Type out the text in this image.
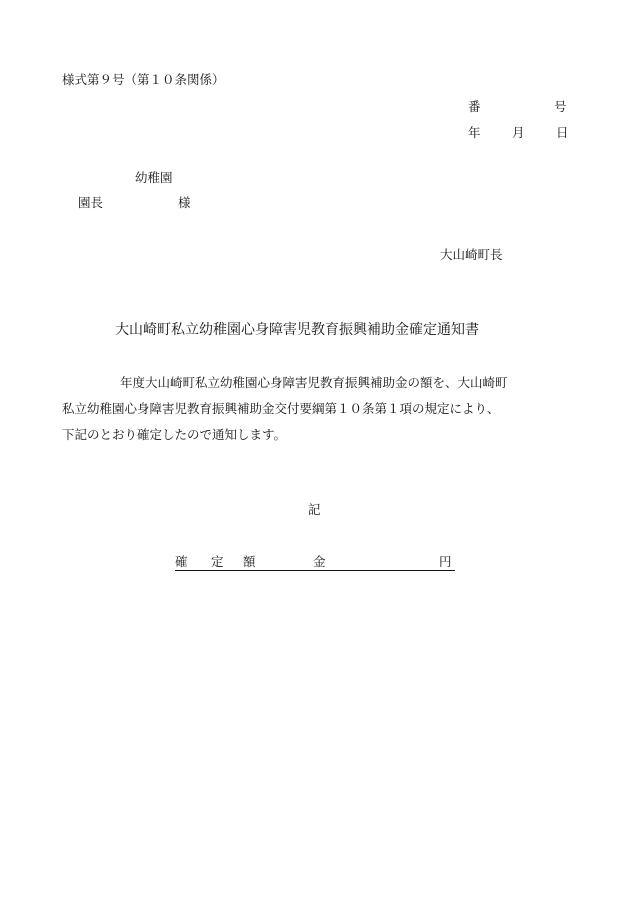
様式第９号（第１０条関係）
番	号
年	月	日
幼稚園
園長	様
大山崎町長
大山崎町私立幼稚園心身障害児教育振興補助金確定通知書
年度大山崎町私立幼稚園心身障害児教育振興補助金の額を、大山崎町
私立幼稚園心身障害児教育振興補助金交付要綱第１０条第１項の規定により、
下記のとおり確定したので通知します。
記
確 定 額	金	円
